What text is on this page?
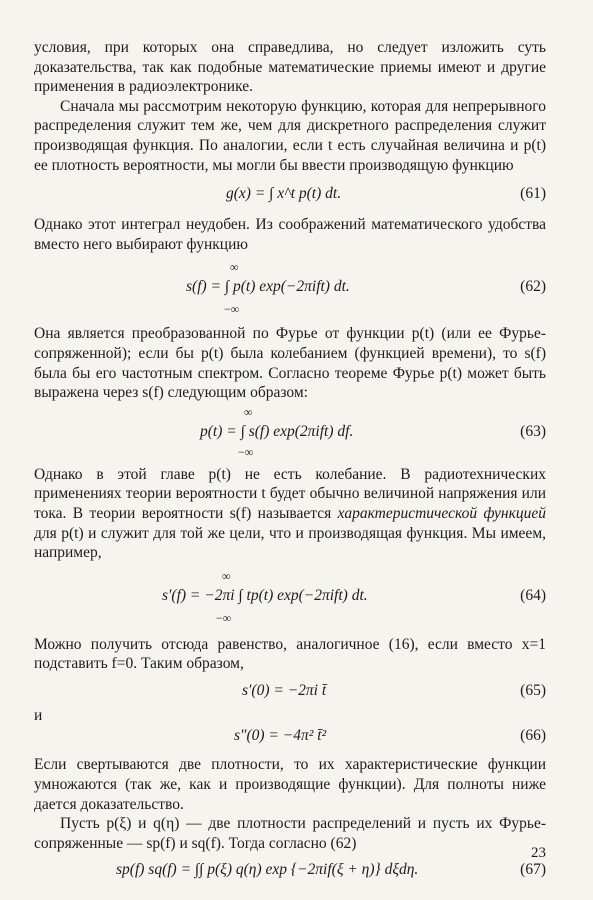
условия, при которых она справедлива, но следует изложить суть доказательства, так как подобные математические приемы имеют и другие применения в радиоэлектронике.

Сначала мы рассмотрим некоторую функцию, которая для непрерывного распределения служит тем же, чем для дискретного распределения служит производящая функция. По аналогии, если t есть случайная величина и p(t) ее плотность вероятности, мы могли бы ввести производящую функцию

g(x) = ∫ x^t p(t) dt.	(61)

Однако этот интеграл неудобен. Из соображений математического удобства вместо него выбирают функцию

∞
s(f) = ∫ p(t) exp(−2πift) dt.
−∞
(62)

Она является преобразованной по Фурье от функции p(t) (или ее Фурье-сопряженной); если бы p(t) была колебанием (функцией времени), то s(f) была бы его частотным спектром. Согласно теореме Фурье p(t) может быть выражена через s(f) следующим образом:

∞
p(t) = ∫ s(f) exp(2πift) df.
−∞
(63)

Однако в этой главе p(t) не есть колебание. В радиотехнических применениях теории вероятности t будет обычно величиной напряжения или тока. В теории вероятности s(f) называется характеристической функцией для p(t) и служит для той же цели, что и производящая функция. Мы имеем, например,

∞
s′(f) = −2πi ∫ tp(t) exp(−2πift) dt.
−∞
(64)

Можно получить отсюда равенство, аналогичное (16), если вместо x=1 подставить f=0. Таким образом,

s′(0) = −2πi t̄	(65)

и

s″(0) = −4π² t̄²	(66)

Если свертываются две плотности, то их характеристические функции умножаются (так же, как и производящие функции). Для полноты ниже дается доказательство.

Пусть p(ξ) и q(η) — две плотности распределений и пусть их Фурье-сопряженные — sp(f) и sq(f). Тогда согласно (62)

sp(f) sq(f) = ∫∫ p(ξ) q(η) exp {−2πif(ξ + η)} dξdη.	(67)
23
